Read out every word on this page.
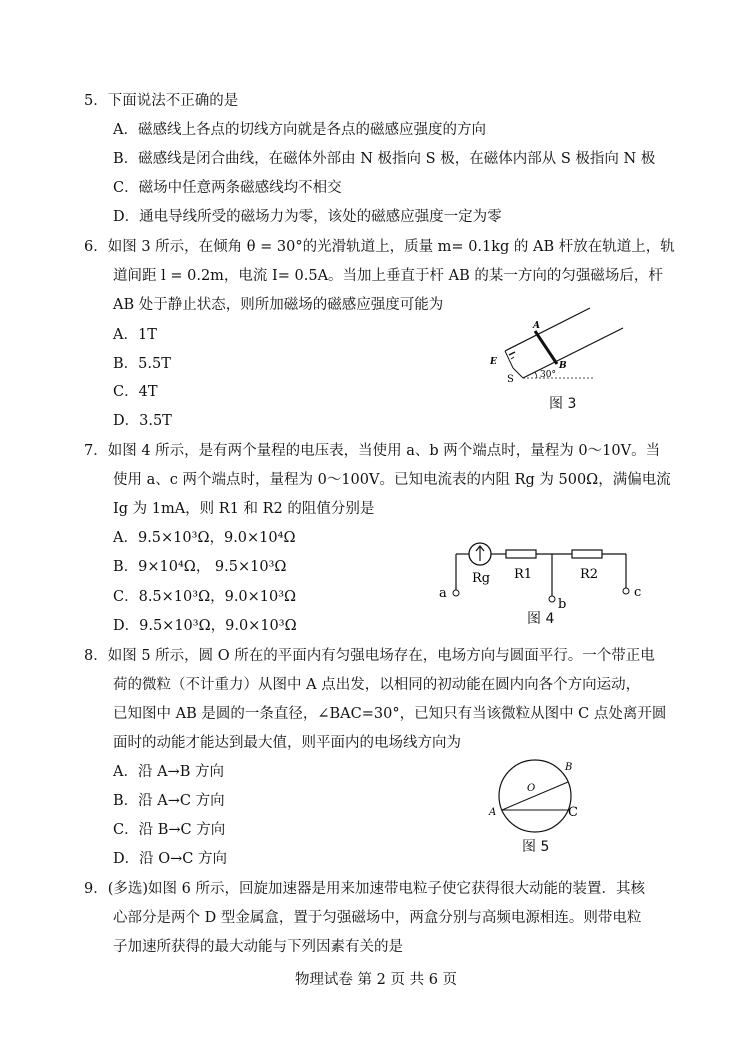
5．下面说法不正确的是
A．磁感线上各点的切线方向就是各点的磁感应强度的方向
B．磁感线是闭合曲线，在磁体外部由 N 极指向 S 极，在磁体内部从 S 极指向 N 极
C．磁场中任意两条磁感线均不相交
D．通电导线所受的磁场力为零，该处的磁感应强度一定为零
6．如图 3 所示，在倾角 θ = 30°的光滑轨道上，质量 m= 0.1kg 的 AB 杆放在轨道上，轨
道间距 l = 0.2m，电流 I= 0.5A。当加上垂直于杆 AB 的某一方向的匀强磁场后，杆
AB 处于静止状态，则所加磁场的磁感应强度可能为
A．1T
B．5.5T
C．4T
D．3.5T
A
B
E
S	30°
图 3
7．如图 4 所示，是有两个量程的电压表，当使用 a、b 两个端点时，量程为 0～10V。当
使用 a、c 两个端点时，量程为 0～100V。已知电流表的内阻 Rg 为 500Ω，满偏电流
Ig 为 1mA，则 R1 和 R2 的阻值分别是
A．9.5×10³Ω，9.0×10⁴Ω
B．9×10⁴Ω， 9.5×10³Ω
C．8.5×10³Ω，9.0×10³Ω
D．9.5×10³Ω，9.0×10³Ω
Rg R1	R2
a
b
c
图 4
8．如图 5 所示，圆 O 所在的平面内有匀强电场存在，电场方向与圆面平行。一个带正电
荷的微粒（不计重力）从图中 A 点出发，以相同的初动能在圆内向各个方向运动，
已知图中 AB 是圆的一条直径，∠BAC=30°，已知只有当该微粒从图中 C 点处离开圆
面时的动能才能达到最大值，则平面内的电场线方向为
A．沿 A→B 方向
B．沿 A→C 方向
C．沿 B→C 方向
D．沿 O→C 方向
A
B
C
O
图 5
9．(多选)如图 6 所示，回旋加速器是用来加速带电粒子使它获得很大动能的装置．其核
心部分是两个 D 型金属盒，置于匀强磁场中，两盒分别与高频电源相连。则带电粒
子加速所获得的最大动能与下列因素有关的是
物理试卷 第 2 页 共 6 页
